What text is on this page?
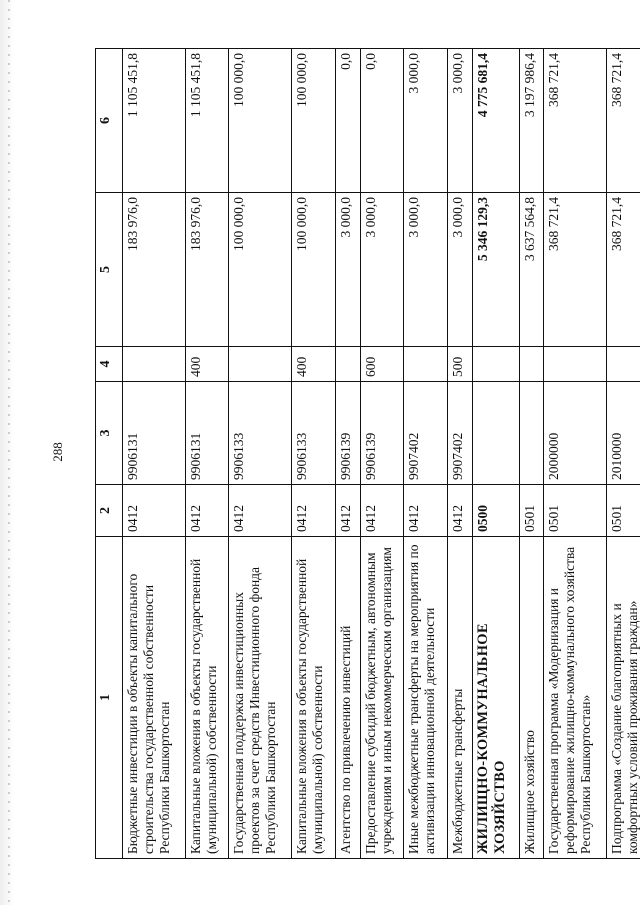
288
1	2	3	4	5	6
Бюджетные инвестиции в объекты капитального строительства государственной собственности Республики Башкортостан	0412	9906131		183 976,0	1 105 451,8
Капитальные вложения в объекты государственной (муниципальной) собственности	0412	9906131	400	183 976,0	1 105 451,8
Государственная поддержка инвестиционных проектов за счет средств Инвестиционного фонда Республики Башкортостан	0412	9906133		100 000,0	100 000,0
Капитальные вложения в объекты государственной (муниципальной) собственности	0412	9906133	400	100 000,0	100 000,0
Агентство по привлечению инвестиций	0412	9906139		3 000,0	0,0
Предоставление субсидий бюджетным, автономным учреждениям и иным некоммерческим организациям	0412	9906139	600	3 000,0	0,0
Иные межбюджетные трансферты на мероприятия по активизации инновационной деятельности	0412	9907402		3 000,0	3 000,0
Межбюджетные трансферты	0412	9907402	500	3 000,0	3 000,0
ЖИЛИЩНО-КОММУНАЛЬНОЕ ХОЗЯЙСТВО	0500			5 346 129,3	4 775 681,4
Жилищное хозяйство	0501			3 637 564,8	3 197 986,4
Государственная программа «Модернизация и реформирование жилищно-коммунального хозяйства Республики Башкортостан»	0501	2000000		368 721,4	368 721,4
Подпрограмма «Создание благоприятных и комфортных условий проживания граждан»	0501	2010000		368 721,4	368 721,4
